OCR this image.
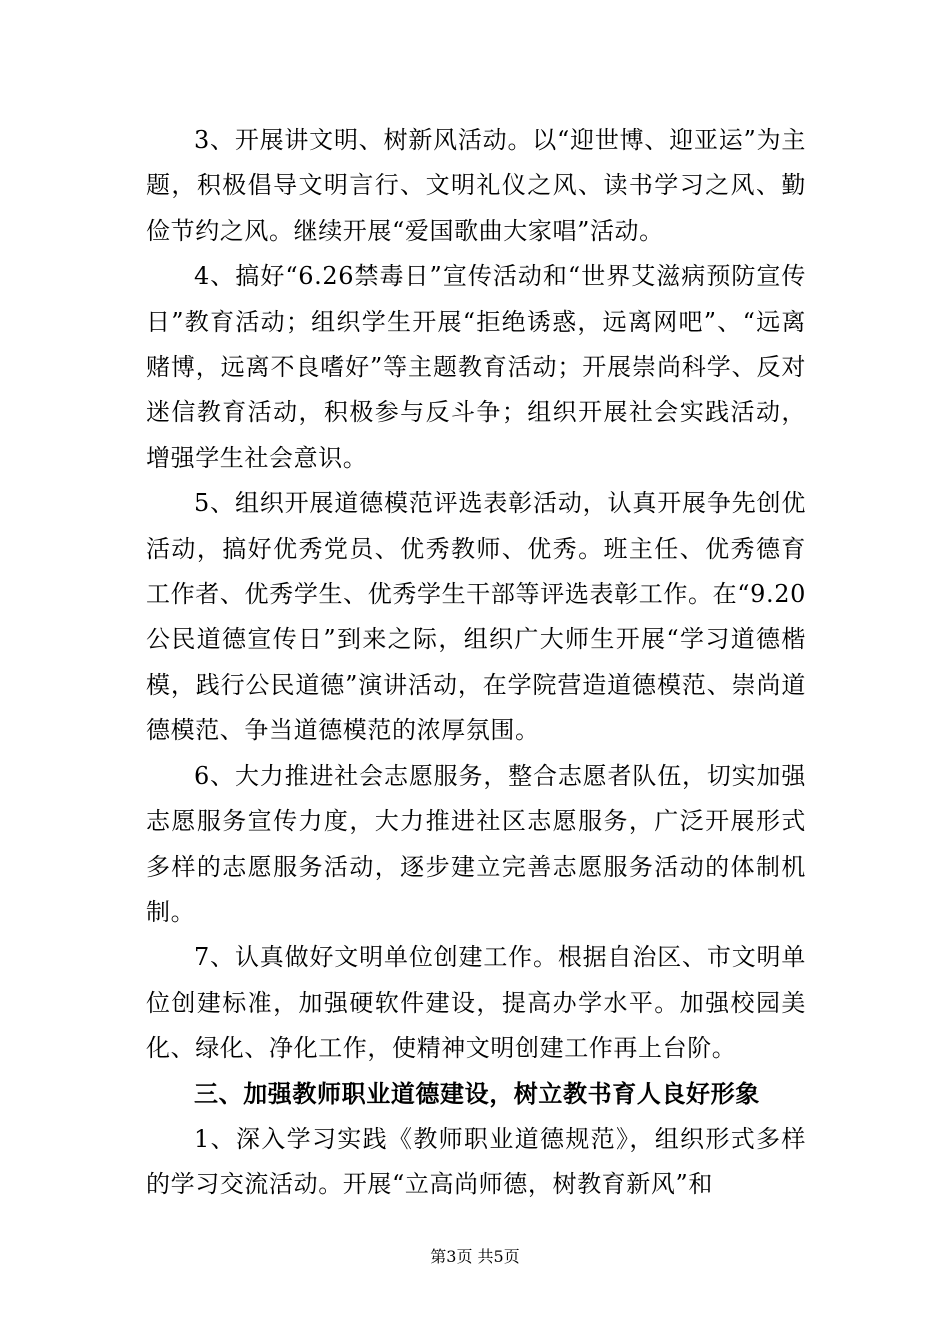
3、开展讲文明、树新风活动。以“迎世博、迎亚运”为主题，积极倡导文明言行、文明礼仪之风、读书学习之风、勤俭节约之风。继续开展“爱国歌曲大家唱”活动。

4、搞好“6.26禁毒日”宣传活动和“世界艾滋病预防宣传日”教育活动；组织学生开展“拒绝诱惑，远离网吧”、“远离赌博，远离不良嗜好”等主题教育活动；开展崇尚科学、反对迷信教育活动，积极参与反斗争；组织开展社会实践活动，增强学生社会意识。

5、组织开展道德模范评选表彰活动，认真开展争先创优活动，搞好优秀党员、优秀教师、优秀。班主任、优秀德育工作者、优秀学生、优秀学生干部等评选表彰工作。在“9.20公民道德宣传日”到来之际，组织广大师生开展“学习道德楷模，践行公民道德”演讲活动，在学院营造道德模范、崇尚道德模范、争当道德模范的浓厚氛围。

6、大力推进社会志愿服务，整合志愿者队伍，切实加强志愿服务宣传力度，大力推进社区志愿服务，广泛开展形式多样的志愿服务活动，逐步建立完善志愿服务活动的体制机制。

7、认真做好文明单位创建工作。根据自治区、市文明单位创建标准，加强硬软件建设，提高办学水平。加强校园美化、绿化、净化工作，使精神文明创建工作再上台阶。

三、加强教师职业道德建设，树立教书育人良好形象

1、深入学习实践《教师职业道德规范》，组织形式多样的学习交流活动。开展“立高尚师德，树教育新风”和

第3页 共5页
